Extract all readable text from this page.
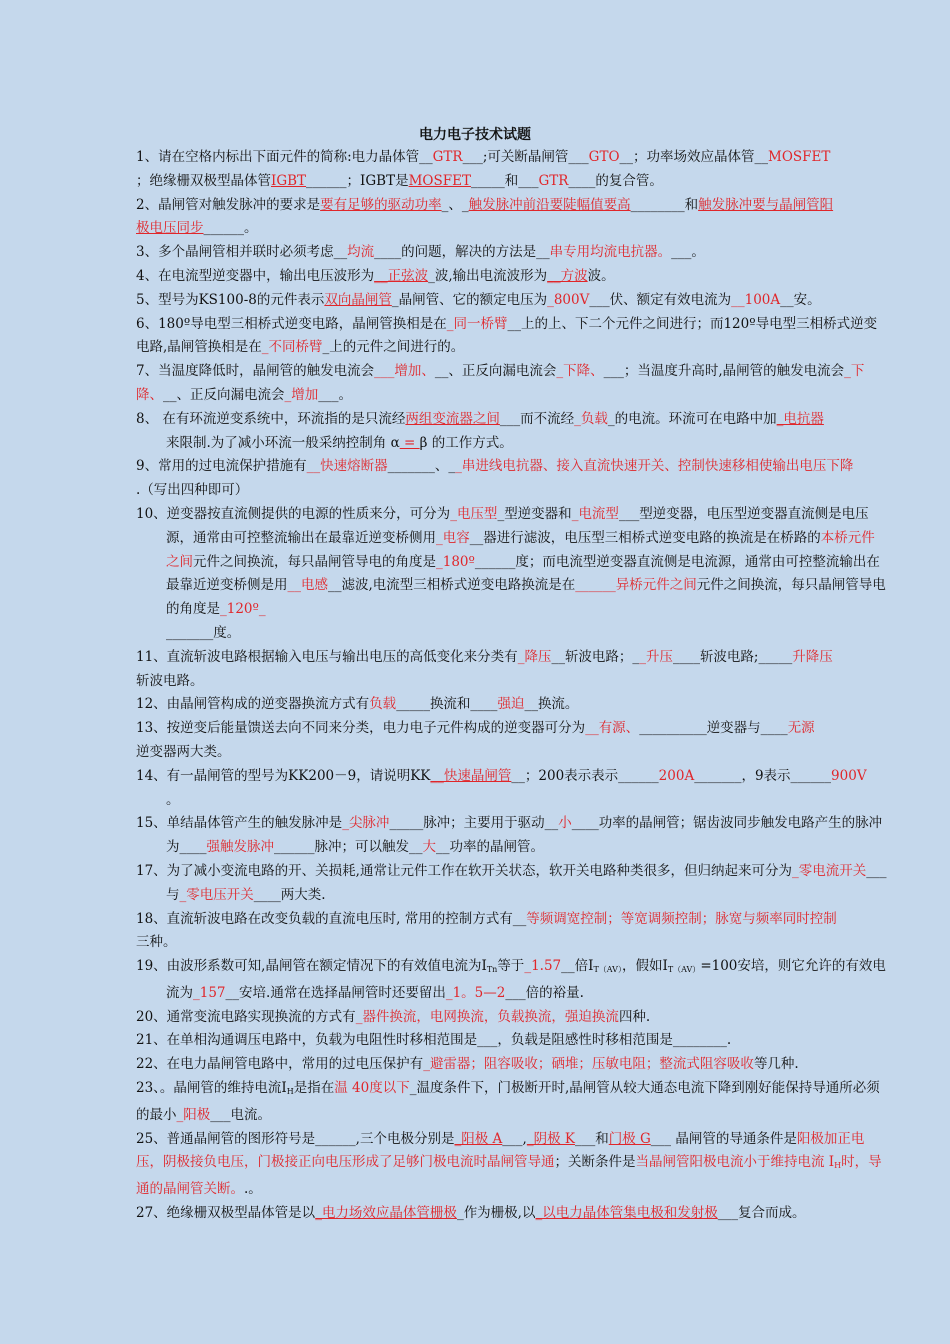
电力电子技术试题

1、请在空格内标出下面元件的简称:电力晶体管__GTR___;可关断晶闸管___GTO__；功率场效应晶体管__MOSFET
；绝缘栅双极型晶体管IGBT______；IGBT是MOSFET_____和___GTR____的复合管。

2、晶闸管对触发脉冲的要求是要有足够的驱动功率_、_触发脉冲前沿要陡幅值要高________和触发脉冲要与晶闸管阳
极电压同步______。

3、多个晶闸管相并联时必须考虑__均流____的问题，解决的方法是__串专用均流电抗器。___。

4、在电流型逆变器中，输出电压波形为__正弦波_波,输出电流波形为__方波波。

5、型号为KS100-8的元件表示双向晶闸管_晶闸管、它的额定电压为_800V___伏、额定有效电流为__100A__安。

6、180º导电型三相桥式逆变电路，晶闸管换相是在_同一桥臂__上的上、下二个元件之间进行；而120º导电型三相桥式逆变电路,晶闸管换相是在_不同桥臂_上的元件之间进行的。

7、当温度降低时，晶闸管的触发电流会___增加、__、正反向漏电流会_下降、___；当温度升高时,晶闸管的触发电流会_下降、__、正反向漏电流会_增加___。

8、 在有环流逆变系统中，环流指的是只流经两组变流器之间___而不流经_负载_的电流。环流可在电路中加_电抗器
来限制.为了减小环流一般采纳控制角 α = β 的工作方式。

9、常用的过电流保护措施有__快速熔断器_______、__串进线电抗器、接入直流快速开关、控制快速移相使输出电压下降
.（写出四种即可）

10、逆变器按直流侧提供的电源的性质来分，可分为_电压型_型逆变器和_电流型___型逆变器，电压型逆变器直流侧是电压源，通常由可控整流输出在最靠近逆变桥侧用_电容__器进行滤波，电压型三相桥式逆变电路的换流是在桥路的本桥元件之间元件之间换流，每只晶闸管导电的角度是_180º______度；而电流型逆变器直流侧是电流源，通常由可控整流输出在最靠近逆变桥侧是用__电感__滤波,电流型三相桥式逆变电路换流是在______异桥元件之间元件之间换流，每只晶闸管导电的角度是_120º_
_______度。

11、直流斩波电路根据输入电压与输出电压的高低变化来分类有_降压__斩波电路；__升压____斩波电路;_____升降压
斩波电路。

12、由晶闸管构成的逆变器换流方式有负载_____换流和____强迫__换流。

13、按逆变后能量馈送去向不同来分类，电力电子元件构成的逆变器可分为__有源、__________逆变器与____无源
逆变器两大类。

14、有一晶闸管的型号为KK200－9，请说明KK__快速晶闸管__；200表示表示______200A_______，9表示______900V
。

15、单结晶体管产生的触发脉冲是_尖脉冲_____脉冲；主要用于驱动__小____功率的晶闸管；锯齿波同步触发电路产生的脉冲为____强触发脉冲______脉冲；可以触发__大__功率的晶闸管。

17、为了减小变流电路的开、关损耗,通常让元件工作在软开关状态，软开关电路种类很多，但归纳起来可分为_零电流开关___与_零电压开关____两大类.

18、直流斩波电路在改变负载的直流电压时, 常用的控制方式有__等频调宽控制；等宽调频控制；脉宽与频率同时控制
三种。

19、由波形系数可知,晶闸管在额定情况下的有效值电流为$I_{Tn}$等于_1.57__倍$I_{T(AV)}$，假如$I_{T(AV)}=100$安培，则它允许的有效电流为_157__安培.通常在选择晶闸管时还要留出_1。5—2___倍的裕量.

20、通常变流电路实现换流的方式有_器件换流，电网换流，负载换流，强迫换流四种.

21、在单相沟通调压电路中，负载为电阻性时移相范围是___，负载是阻感性时移相范围是________.

22、在电力晶闸管电路中，常用的过电压保护有_避雷器；阻容吸收；硒堆；压敏电阻；整流式阻容吸收等几种.

23、。晶闸管的维持电流$I_H$是指在温 40度以下_温度条件下，门极断开时,晶闸管从较大通态电流下降到刚好能保持导通所必须的最小_阳极___电流。

25、普通晶闸管的图形符号是______,三个电极分别是_阳极 A___,_阴极 K___和门极 G___ 晶闸管的导通条件是阳极加正电压，阴极接负电压，门极接正向电压形成了足够门极电流时晶闸管导通；关断条件是当晶闸管阳极电流小于维持电流 $I_H$时，导通的晶闸管关断。.。

27、绝缘栅双极型晶体管是以_电力场效应晶体管栅极_作为栅极,以_以电力晶体管集电极和发射极___复合而成。
